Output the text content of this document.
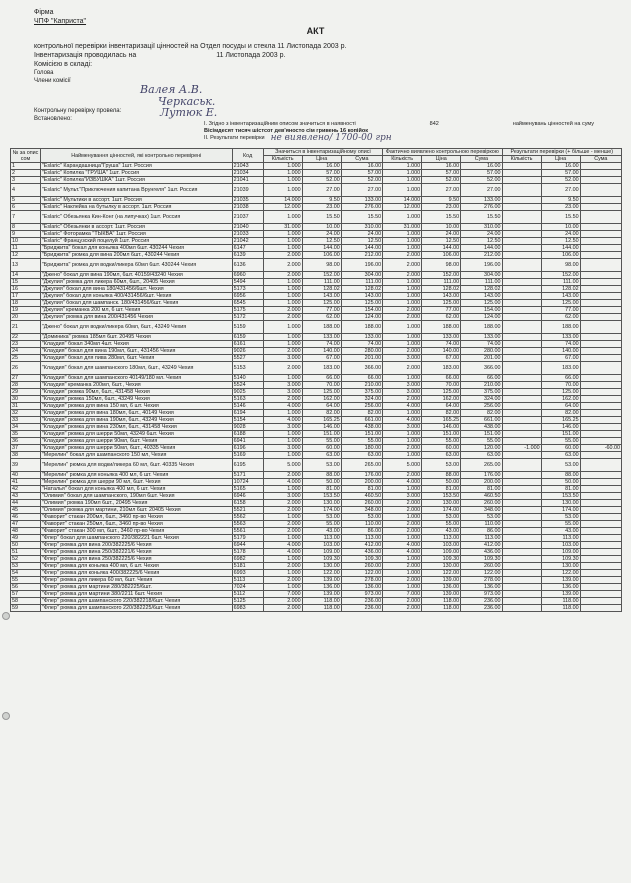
Фірма
ЧПФ "Каприста"
АКТ
контрольної перевірки інвентаризації цінностей на Отдел посуды и стекла 11 Листопада 2003 р.
Інвентаризація проводилась на	11 Листопада 2003 р.
Комісією в складі:
Голова
Члени комісії
Контрольну перевірку провела:
Встановлено:
Валея А.В.
Черкаськ.
Лутюк Е.
І. Згідно з інвентаризаційним описом значиться в наявності	842	найменувань цінностей на суму
Вісімдесят тисяч шістсот дев'яносто сім гривень 16 копійок
ІІ. Результати перевірки не виявлено/ 1700-00 грн
№ за опис сом	Найменування цінностей, які контрольно перевірені	Код	Значиться в інвентаризаційному описі			Фактично виявлено контрольною перевіркою			Результати перевірки (+ більше - менше)		
			Кількість	Ціна	Сума	Кількість	Ціна	Сума	Кількість	Ціна	Сума
1	"Eslarіс" Карандашница"Груша" 1шт. Россия	21043	1.000	16.00	16.00	1.000	16.00	16.00		16.00	
2	"Eslarіс" Копилка "ГРУША" 1шт. Россия	21034	1.000	57.00	57.00	1.000	57.00	57.00		57.00	
3	"Eslarіс" Копилка"ИЗБУШКА" 1шт. Россия	21041	1.000	52.00	52.00	1.000	52.00	52.00		52.00	
4	"Eslarіс" Мульт."Приключения капитана Врунгеля" 1шт. Россия	21039	1.000	27.00	27.00	1.000	27.00	27.00		27.00	
5	"Eslarіс" Мультики в ассорт. 1шт. Россия	21035	14.000	9.50	133.00	14.000	9.50	133.00		9.50	
6	"Eslarіс" Наклейка на бутылку в ассорт. 1шт. Россия	21038	12.000	23.00	276.00	12.000	23.00	276.00		23.00	
7	"Eslarіс" Обезьянка Кин-Конг (на липучках) 1шт. Россия	21037	1.000	15.50	15.50	1.000	15.50	15.50		15.50	
8	"Eslarіс" Обезьянки в ассорт. 1шт. Россия	21040	31.000	10.00	310.00	31.000	10.00	310.00		10.00	
9	"Eslarіс" Фоторамка "ТЫКВА" 1шт. Россия	21033	1.000	24.00	24.00	1.000	24.00	24.00		24.00	
10	"Eslarіс" Французский поцелуй 1шт. Россия	21042	1.000	12.50	12.50	1.000	12.50	12.50		12.50	
11	"Бриджита" бокал для коньяка 400мл 6шт. 430244 Чехия	6147	1.000	144.00	144.00	1.000	144.00	144.00		144.00	
12	"Бриджита" рюмка для вина 200мл 6шт., 430244 Чехия	6139	2.000	106.00	212.00	2.000	106.00	212.00		106.00	
13	"Бриджита" рюмка для водки/ликера 60мл 6шт. 430244 Чехия	6136	2.000	98.00	196.00	2.000	98.00	196.00		98.00	
14	"Джено" бокал для вина 190мл, 6шт. 40159/43240 Чехия	6960	2.000	152.00	304.00	2.000	152.00	304.00		152.00	
15	"Джулия" рюмка для ликера 60мл, 6шт., 20405 Чехия	5494	1.000	111.00	111.00	1.000	111.00	111.00		111.00	
16	"Джулия" бокал для вина 180/431456/6шт. Чехия	5173	1.000	128.02	128.02	1.000	128.02	128.02		128.02	
17	"Джулия" бокал для коньяка 400/431456/6шт. Чехия	6956	1.000	143.00	143.00	1.000	143.00	143.00		143.00	
18	"Джулия" бокал для шампанск. 180/431456/6шт. Чехия	6545	1.000	125.00	125.00	1.000	125.00	125.00		125.00	
19	"Джулия" креманка 200 мл, 6 шт. Чехия	5175	2.000	77.00	154.00	2.000	77.00	154.00		77.00	
20	"Джулия" рюмка для вина 200/431456 Чехия	5172	2.000	62.00	124.00	2.000	62.00	124.00		62.00	
21	"Джено" бокал для водки/ликера 60мл, 6шт., 43249 Чехия	5159	1.000	188.00	188.00	1.000	188.00	188.00		188.00	
22	"Доминика" рюмка 185мл 6шт. 20495 Чехия	6159	1.000	133.00	133.00	1.000	133.00	133.00		133.00	
23	"Клаудия" бокал 340мл 4шт. Чехия	6161	1.000	74.00	74.00	1.000	74.00	74.00		74.00	
24	"Клаудия" бокал для вина 190мл, 6шт., 431456 Чехия	9026	2.000	140.00	280.00	2.000	140.00	280.00		140.00	
25	"Клаудия" бокал для пива 280мл, 6шт. Чехия	5527	3.000	67.00	201.00	3.000	67.00	201.00		67.00	
26	"Клаудия" бокал для шампанского 180мл, 6шт., 43249 Чехия	5153	2.000	183.00	366.00	2.000	183.00	366.00		183.00	
27	"Клаудия" бокал для шампанского 40149/180 мл. Чехия	5140	1.000	66.00	66.00	1.000	66.00	66.00		66.00	
28	"Клаудия" креманка 200мл, 6шт., Чехия	5524	3.000	70.00	210.00	3.000	70.00	210.00		70.00	
29	"Клаудия" рюмка 90мл, 6шт., 431458 Чехия	9025	3.000	125.00	375.00	3.000	125.00	375.00		125.00	
30	"Клаудия" рюмка 150мл, 6шт., 43249 Чехия	5163	2.000	162.00	324.00	2.000	162.00	324.00		162.00	
31	"Клаудия" рюмка для вина 150 мл, 6 шт. Чехия	5146	4.000	64.00	256.00	4.000	64.00	256.00		64.00	
32	"Клаудия" рюмка для вина 180мл, 6шт., 40149 Чехия	6194	1.000	82.00	82.00	1.000	82.00	82.00		82.00	
33	"Клаудия" рюмка для вина 190мл, 6шт., 43249 Чехия	5154	4.000	165.25	661.00	4.000	165.25	661.00		165.25	
34	"Клаудия" рюмка для вина 230мл, 6шт., 431458 Чехия	9028	3.000	146.00	438.00	3.000	146.00	438.00		146.00	
35	"Клаудия" рюмка для шерри 50мл, 43249 6шт. Чехия	6188	1.000	151.00	151.00	1.000	151.00	151.00		151.00	
36	"Клаудия" рюмка для шерри 90мл, 6шт. Чехия	6941	1.000	55.00	55.00	1.000	55.00	55.00		55.00	
37	"Клаудия" рюмка для шерри 50мл, 6шт., 40335 Чехия	6196	3.000	60.00	180.00	2.000	60.00	120.00	-1.000	60.00	-60.00
38	"Мерелин" бокал для шампанского 150 мл, Чехия	5169	1.000	63.00	63.00	1.000	63.00	63.00		63.00	
39	"Мерелин" рюмка для водки/ликера 60 мл, 6шт. 40335 Чехия	6195	5.000	53.00	265.00	5.000	53.00	265.00		53.00	
40	"Мерелин" рюмка для коньяка 400 мл, 6 шт. Чехия	5171	2.000	88.00	176.00	2.000	88.00	176.00		88.00	
41	"Мерелин" рюмка для шерри 90 мл, 6шт. Чехия	10724	4.000	50.00	200.00	4.000	50.00	200.00		50.00	
42	"Наталья" бокал для коньяка 400 мл, 6 шт. Чехия	5165	1.000	81.00	81.00	1.000	81.00	81.00		81.00	
43	"Олимия" бокал для шампанского, 190мл 6шт. Чехия	6946	3.000	153.50	460.50	3.000	153.50	460.50		153.50	
44	"Олимия" рюмка 190мл 6шт., 20495 Чехия	6158	2.000	130.00	260.00	2.000	130.00	260.00		130.00	
45	"Олимия" рюмка для мартини, 210мл 6шт. 20405 Чехия	5521	2.000	174.00	348.00	2.000	174.00	348.00		174.00	
46	"Фаворит" стакан 200мл, 6шт., 3460 пр-во Чехия	5562	1.000	53.00	53.00	1.000	53.00	53.00		53.00	
47	"Фаворит" стакан 250мл, 6шт., 3460 пр-во Чехия	5563	2.000	55.00	110.00	2.000	55.00	110.00		55.00	
48	"Фаворит" стакан 300 мл, 6шт., 3460 пр-во Чехия	5561	2.000	43.00	86.00	2.000	43.00	86.00		43.00	
49	"Флер" бокал для шампанского 220/382221 6шт. Чехия	5179	1.000	113.00	113.00	1.000	113.00	113.00		113.00	
50	"Флер" рюмка для вина 200/382225/6 Чехия	6944	4.000	103.00	412.00	4.000	103.00	412.00		103.00	
51	"Флер" рюмка для вина 250/382221/6 Чехия	5178	4.000	109.00	436.00	4.000	109.00	436.00		109.00	
52	"Флер" рюмка для вина 250/382225/6 Чехия	6982	1.000	109.30	109.30	1.000	109.30	109.30		109.30	
53	"Флер" рюмка для коньяка 400 мл, 6 шт. Чехия	5181	2.000	130.00	260.00	2.000	130.00	260.00		130.00	
54	"Флер" рюмка для коньяка 400/382225/6 Чехия	6993	1.000	122.00	122.00	1.000	122.00	122.00		122.00	
55	"Флер" рюмка для ликера 60 мл, 6шт. Чехия	5113	2.000	139.00	278.00	2.000	139.00	278.00		139.00	
56	"Флер" рюмка для мартини 280/382225/6шт.	7024	1.000	136.00	136.00	1.000	136.00	136.00		136.00	
57	"Флер" рюмка для мартини 380/2211 6шт. Чехия	5112	7.000	139.00	973.00	7.000	139.00	973.00		139.00	
58	"Флер" рюмка для шампанского 220/382218/6шт. Чехия	5125	2.000	118.00	236.00	2.000	118.00	236.00		118.00	
59	"Флер" рюмка для шампанского 220/382225/6шт. Чехия	6983	2.000	118.00	236.00	2.000	118.00	236.00		118.00	
